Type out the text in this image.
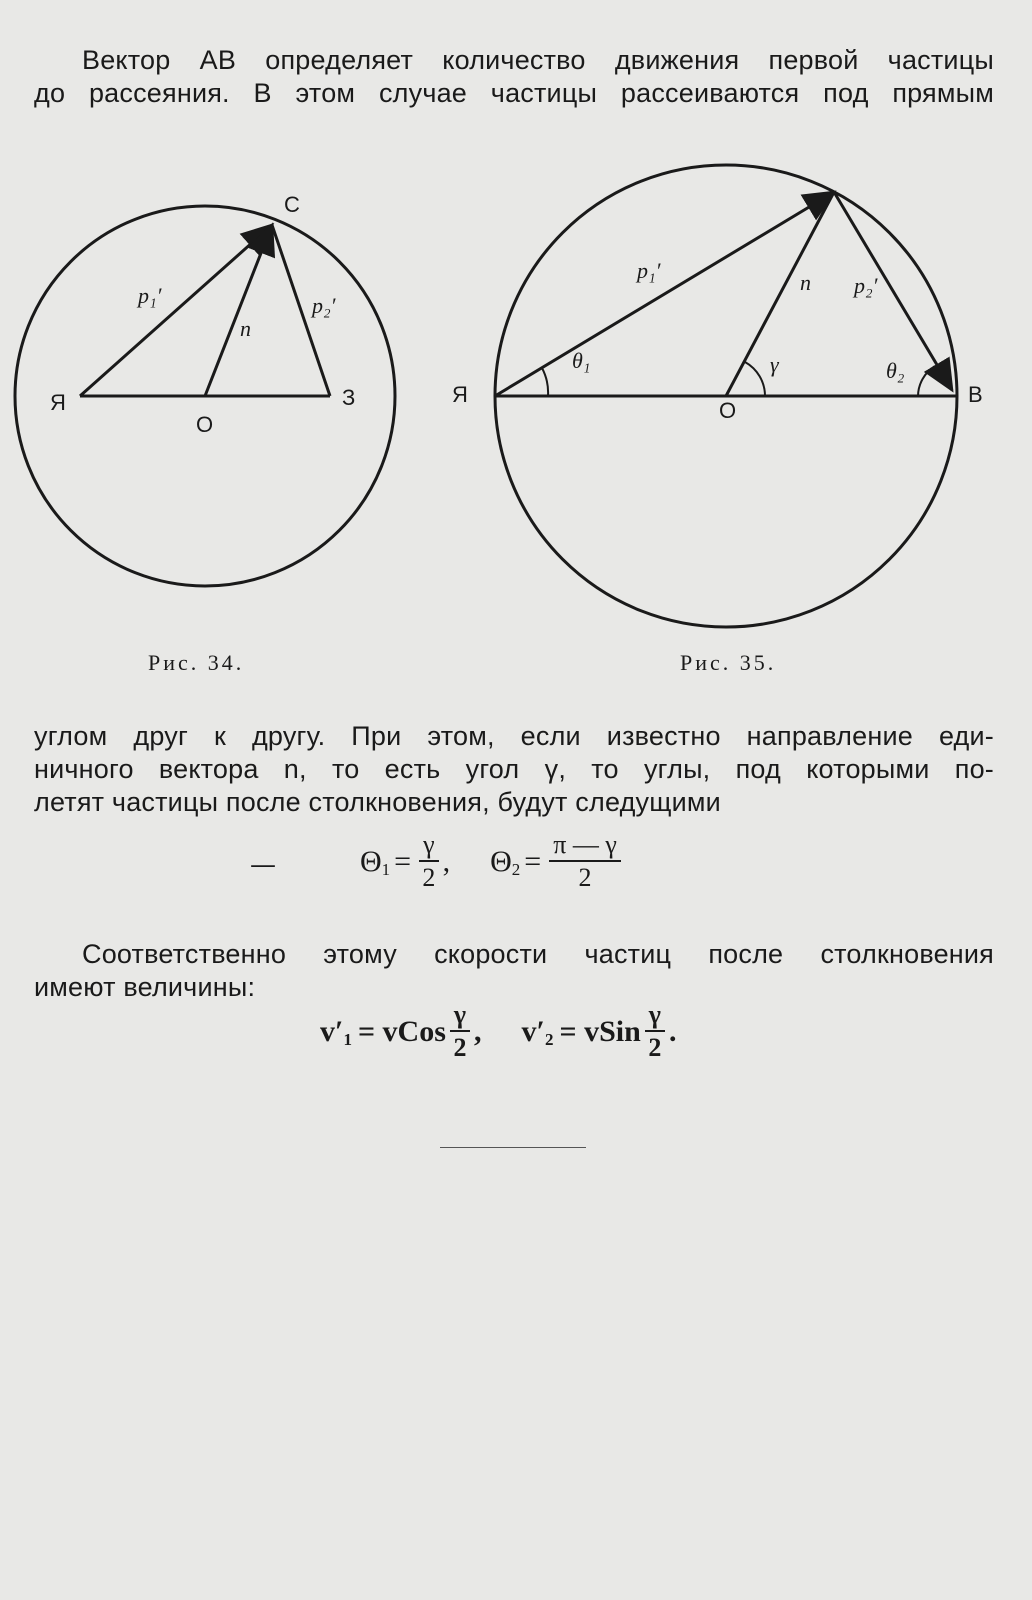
Вектор АВ определяет количество движения первой частицы
до рассеяния. В этом случае частицы рассеиваются под прямым
Я
О
З
C
p₁′
n
p₂′
Я
О
B
p₁′	n p₂′
θ₁	γ	θ₂
Рис. 34.	Рис. 35.
углом друг к другу. При этом, если известно направление еди-
ничного вектора n, то есть угол γ, то углы, под которыми по-
летят частицы после столкновения, будут следущими
—	Θ $1 = \frac{\gamma}{2}$ , Θ $2 = \frac{\pi — \gamma}{2}$
Соответственно этому скорости частиц после столкновения
имеют величины:
v′ 1 = vCos $\frac{\gamma}{2}$ , v′ 2 = vSin $\frac{\gamma}{2}$ .
